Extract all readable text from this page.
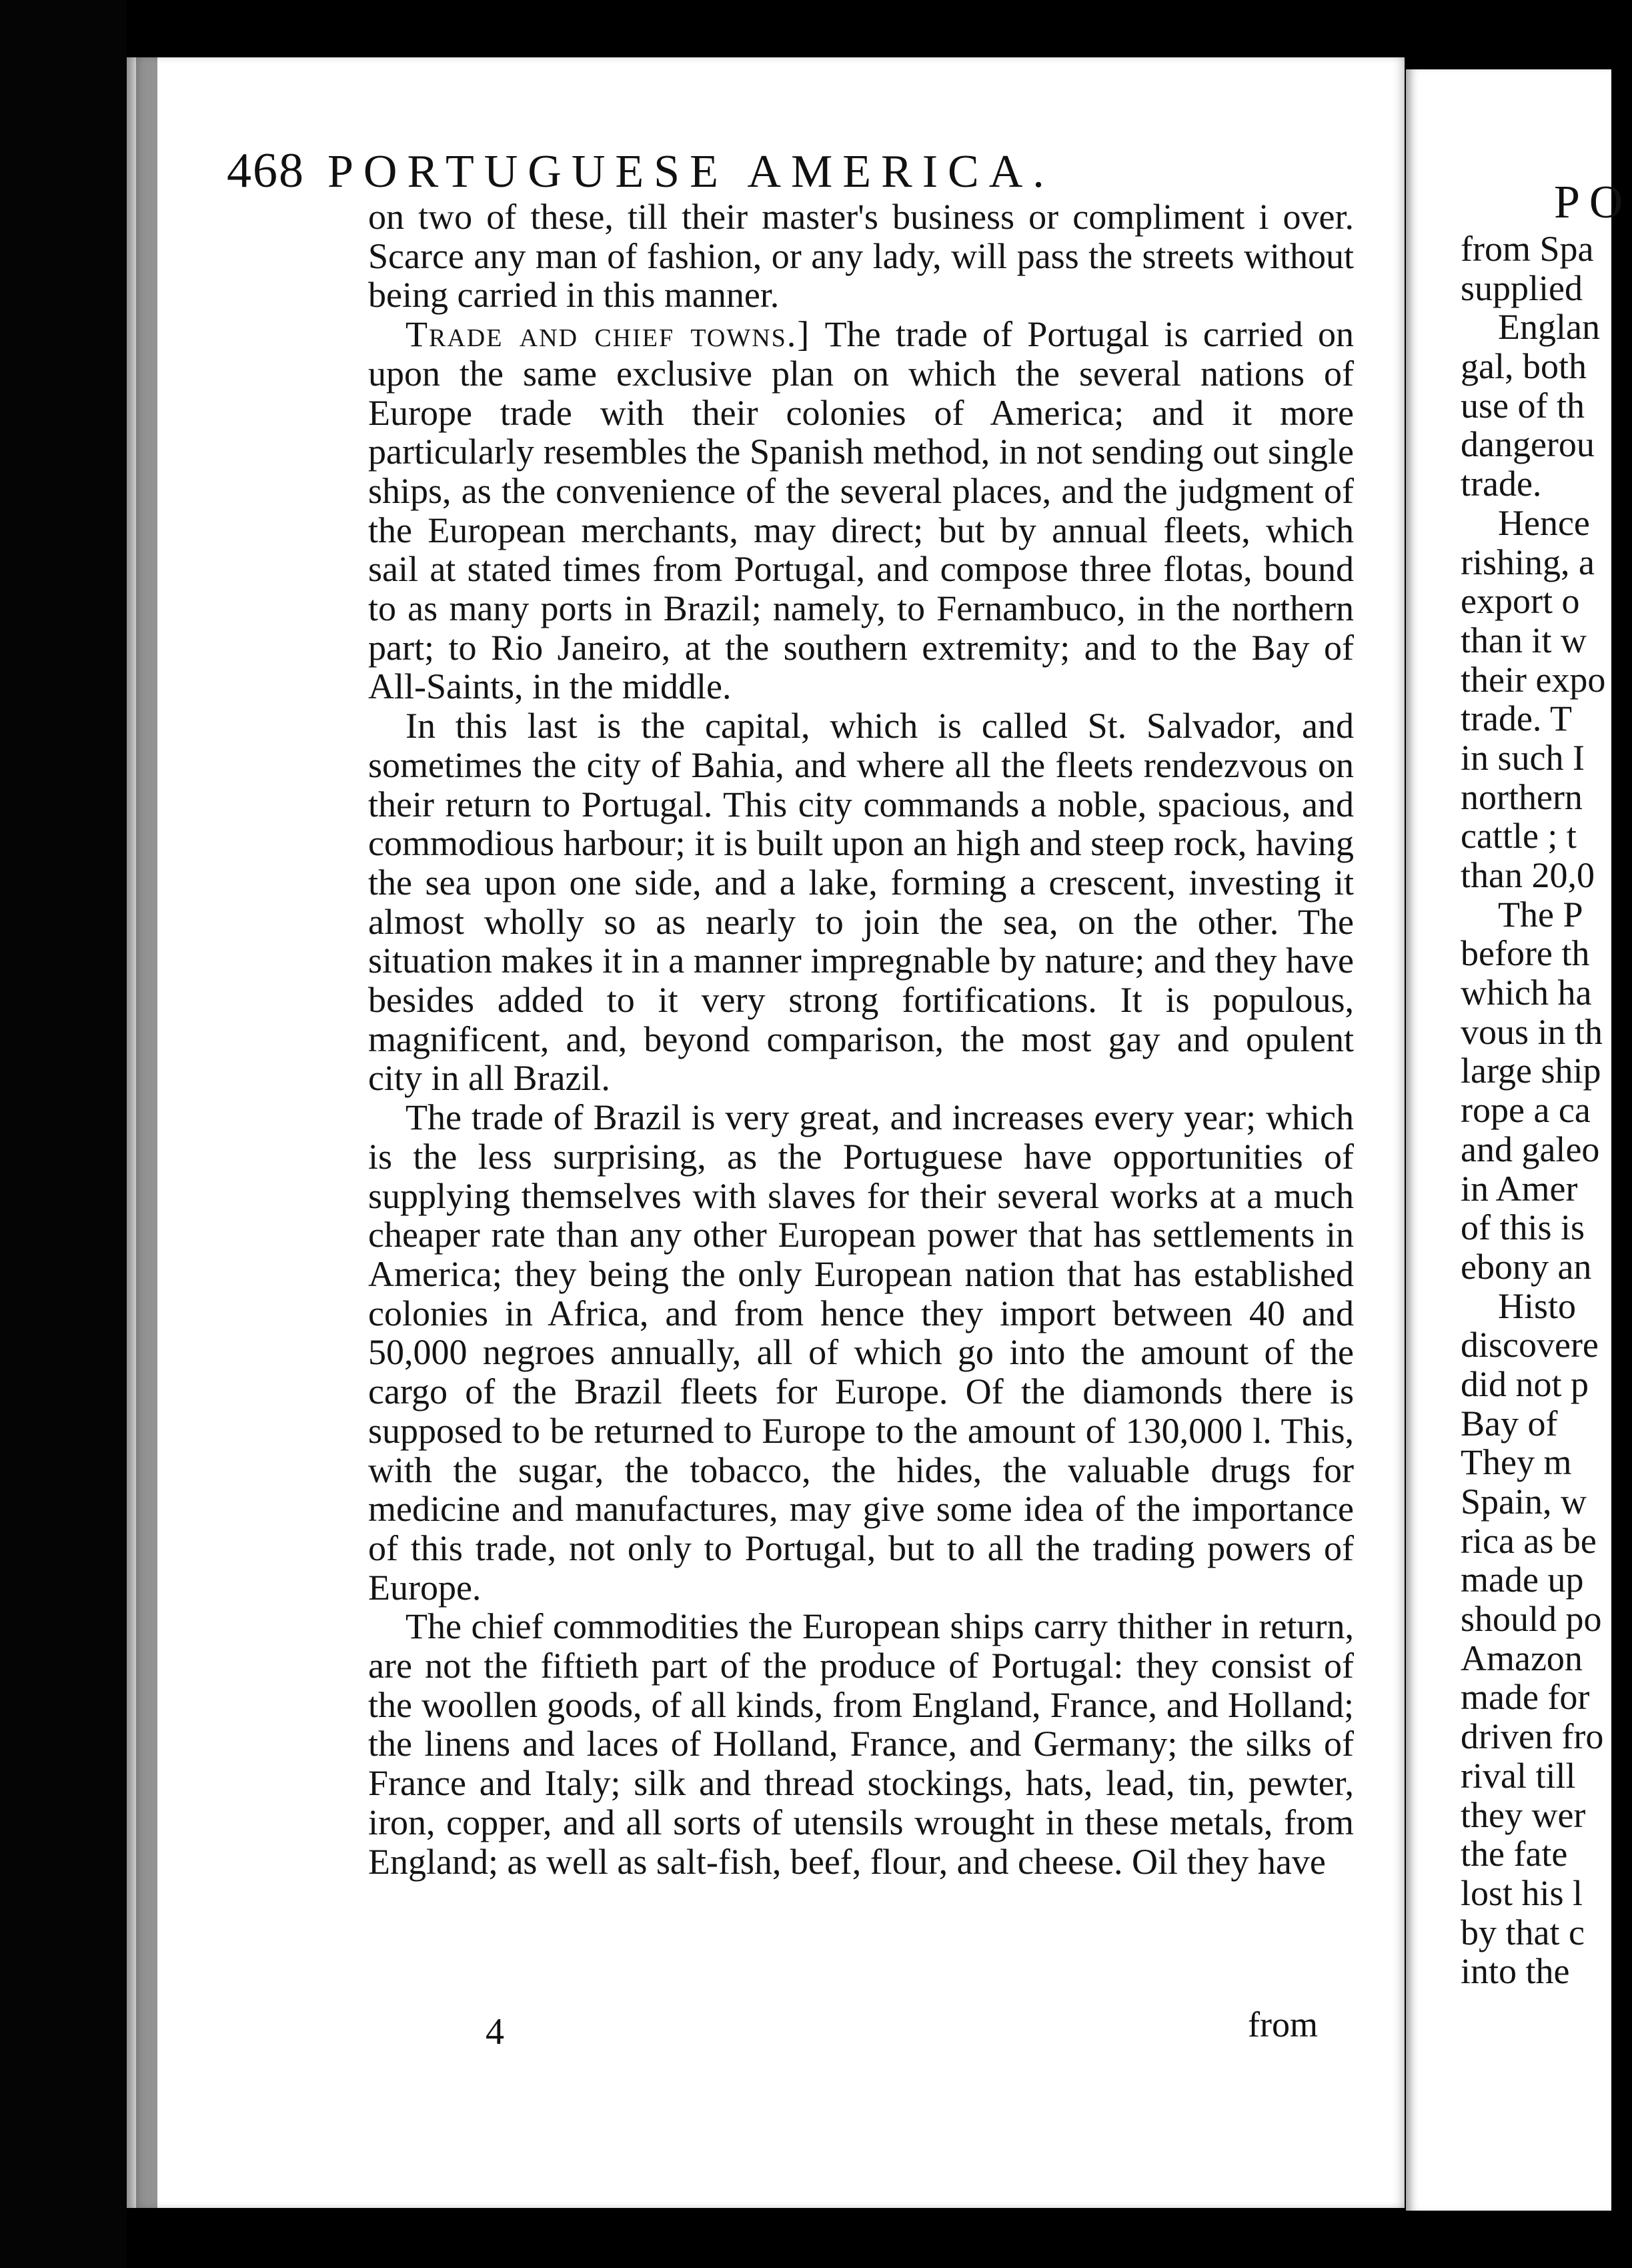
468 PORTUGUESE AMERICA.

on two of these, till their master's business or compliment i over. Scarce any man of fashion, or any lady, will pass the streets without being carried in this manner.

Trade and chief towns.] The trade of Portugal is carried on upon the same exclusive plan on which the several nations of Europe trade with their colonies of America; and it more particularly resembles the Spanish method, in not sending out single ships, as the convenience of the several places, and the judgment of the European merchants, may direct; but by annual fleets, which sail at stated times from Portugal, and compose three flotas, bound to as many ports in Brazil; namely, to Fernambuco, in the northern part; to Rio Janeiro, at the southern extremity; and to the Bay of All-Saints, in the middle.

In this last is the capital, which is called St. Salvador, and sometimes the city of Bahia, and where all the fleets rendezvous on their return to Portugal. This city commands a noble, spacious, and commodious harbour; it is built upon an high and steep rock, having the sea upon one side, and a lake, forming a crescent, investing it almost wholly so as nearly to join the sea, on the other. The situation makes it in a manner impregnable by nature; and they have besides added to it very strong fortifications. It is populous, magnificent, and, beyond comparison, the most gay and opulent city in all Brazil.

The trade of Brazil is very great, and increases every year; which is the less surprising, as the Portuguese have opportunities of supplying themselves with slaves for their several works at a much cheaper rate than any other European power that has settlements in America; they being the only European nation that has established colonies in Africa, and from hence they import between 40 and 50,000 negroes annually, all of which go into the amount of the cargo of the Brazil fleets for Europe. Of the diamonds there is supposed to be returned to Europe to the amount of 130,000 l. This, with the sugar, the tobacco, the hides, the valuable drugs for medicine and manufactures, may give some idea of the importance of this trade, not only to Portugal, but to all the trading powers of Europe.

The chief commodities the European ships carry thither in return, are not the fiftieth part of the produce of Portugal: they consist of the woollen goods, of all kinds, from England, France, and Holland; the linens and laces of Holland, France, and Germany; the silks of France and Italy; silk and thread stockings, hats, lead, tin, pewter, iron, copper, and all sorts of utensils wrought in these metals, from England; as well as salt-fish, beef, flour, and cheese. Oil they have

4	from
PO
from Spa
supplied
Englan
gal, both
use of th
dangerou
trade.
Hence
rishing, a
export o
than it w
their expo
trade. T
in such I
northern
cattle ; t
than 20,0
The P
before th
which ha
vous in th
large ship
rope a ca
and galeo
in Amer
of this is
ebony an
Histo
discovere
did not p
Bay of
They m
Spain, w
rica as be
made up
should po
Amazon
made for
driven fro
rival till
they wer
the fate
lost his l
by that c
into the
